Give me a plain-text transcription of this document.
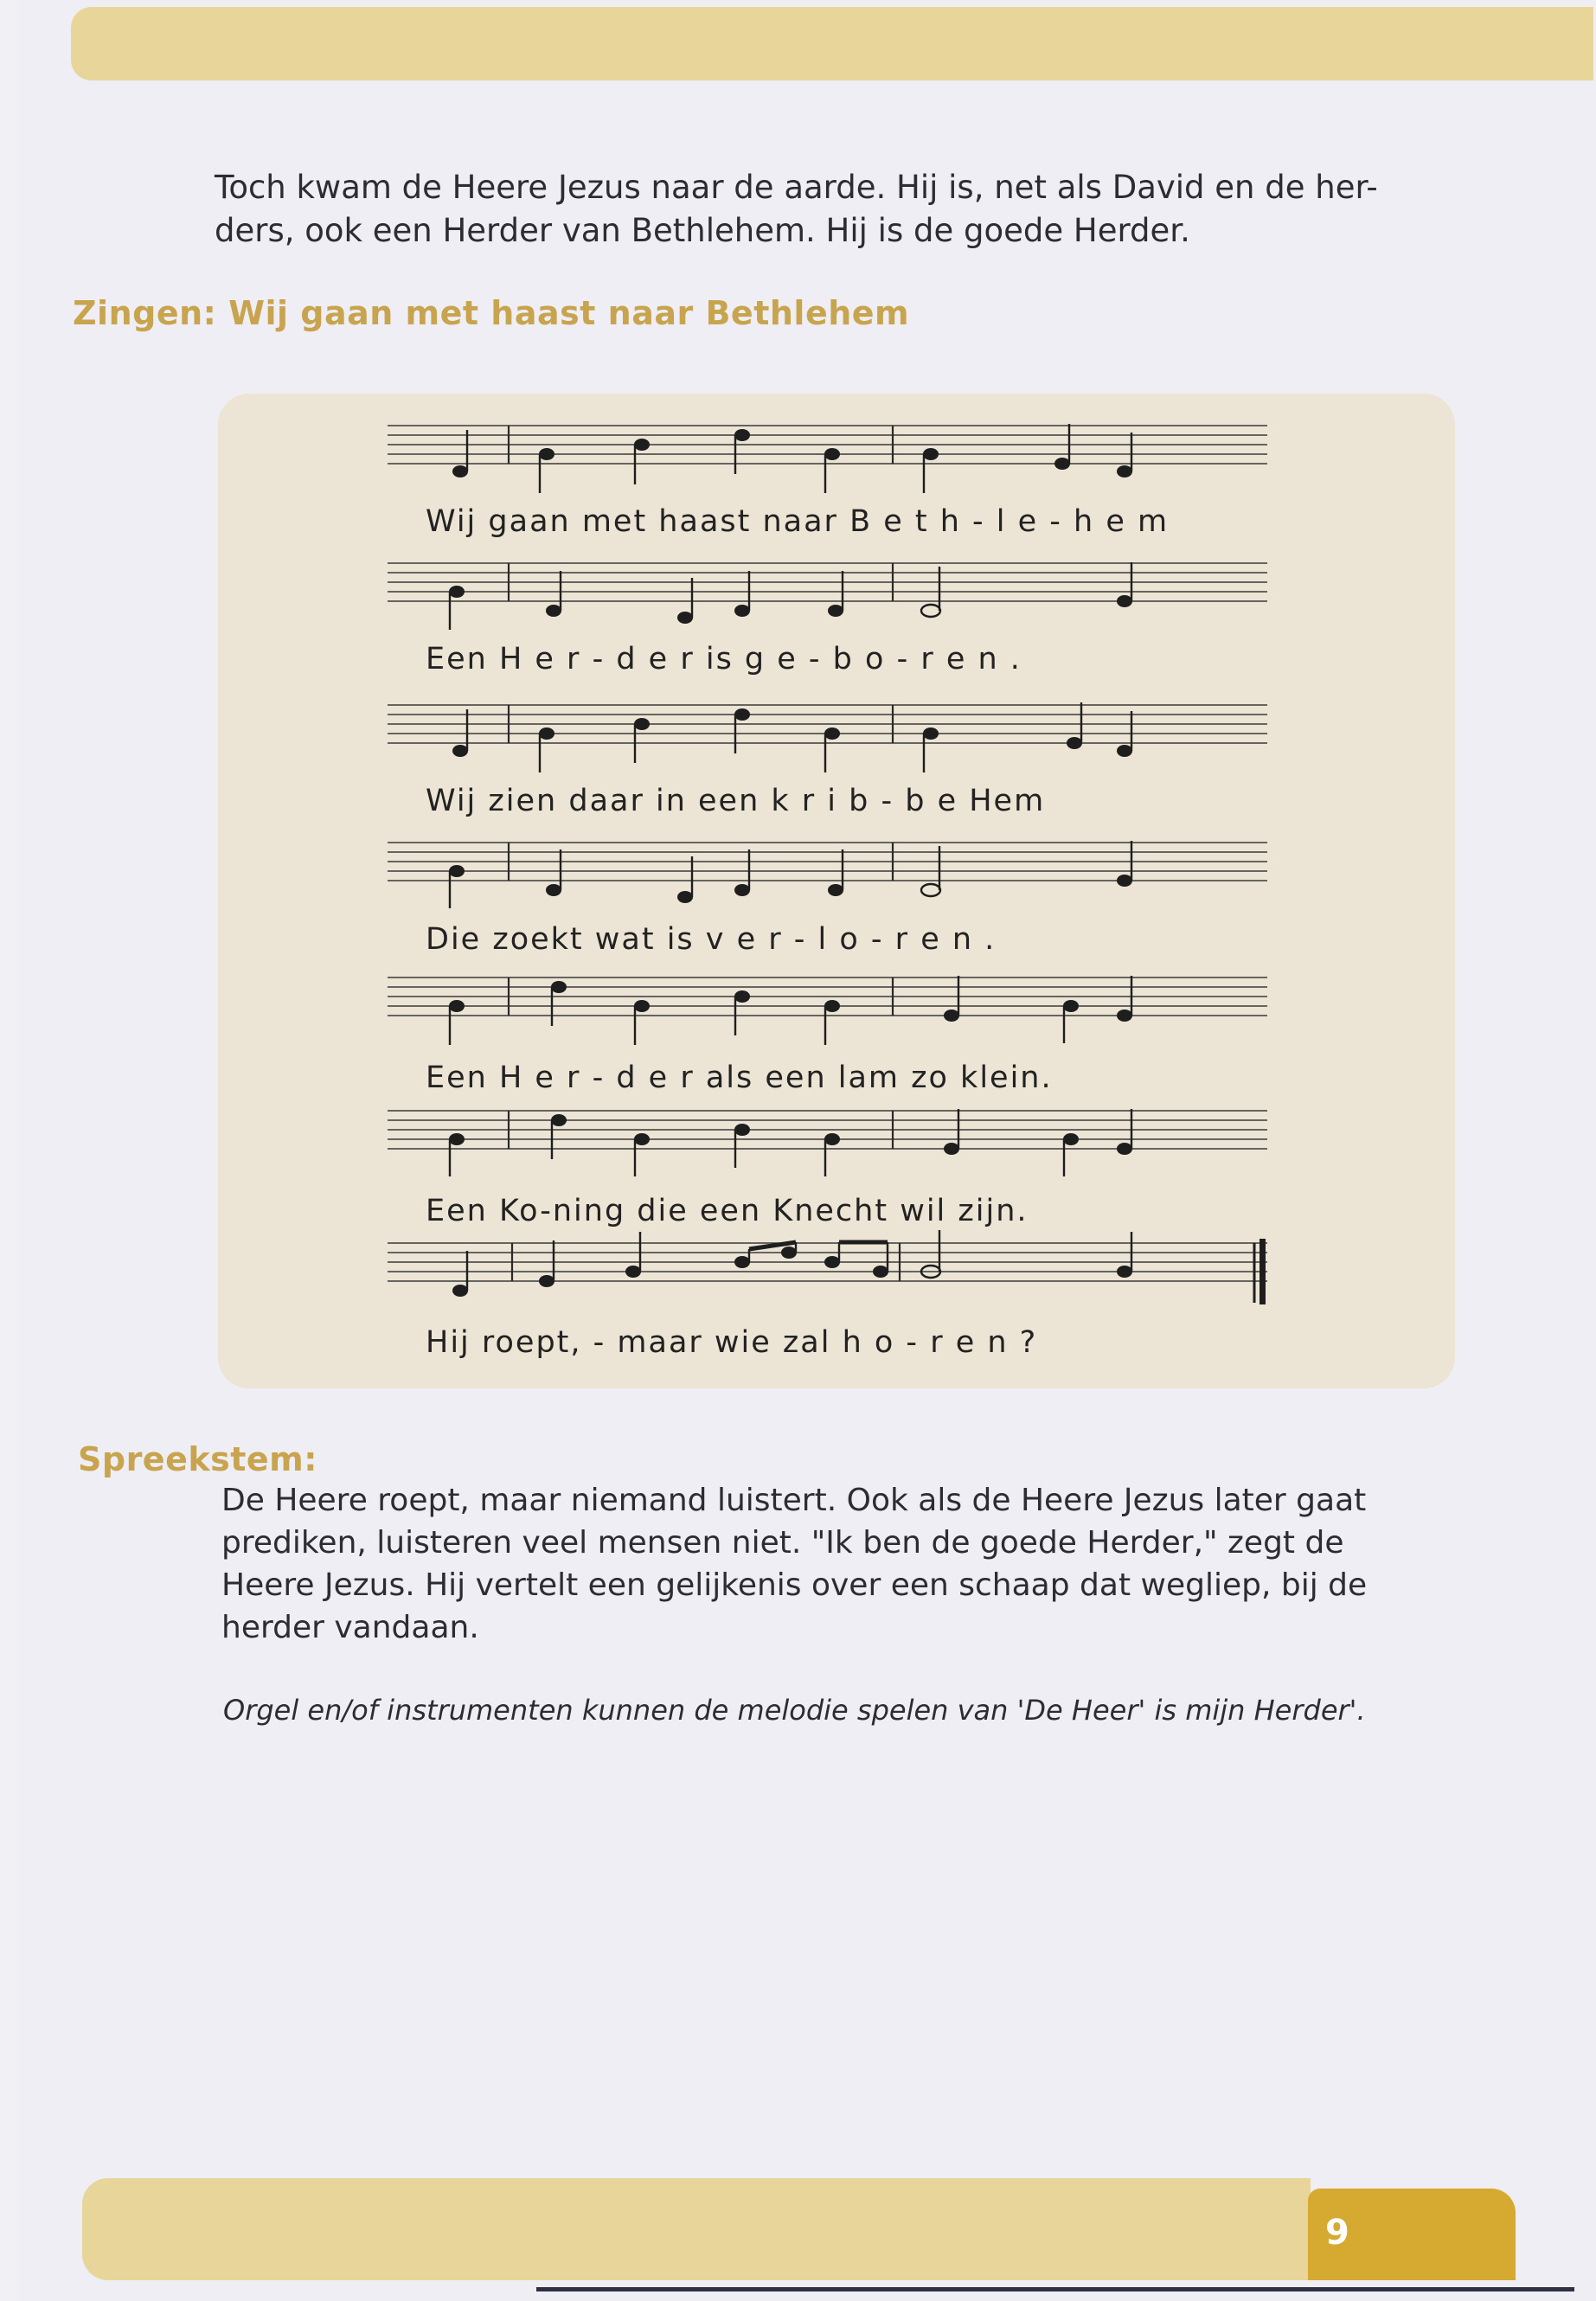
Toch kwam de Heere Jezus naar de aarde. Hij is, net als David en de her-
ders, ook een Herder van Bethlehem. Hij is de goede Herder.
Zingen: Wij gaan met haast naar Bethlehem
Wij gaan met haast naar B e t h - l e - h e m
Een H e r - d e r is g e - b o - r e n .
Wij zien daar in een k r i b - b e Hem
Die zoekt wat is v e r - l o - r e n .
Een H e r - d e r als een lam zo klein.
Een Ko-ning die een Knecht wil zijn.
Hij roept, - maar wie zal h o - r e n ?
Spreekstem:
De Heere roept, maar niemand luistert. Ook als de Heere Jezus later gaat
prediken, luisteren veel mensen niet. "Ik ben de goede Herder," zegt de
Heere Jezus. Hij vertelt een gelijkenis over een schaap dat wegliep, bij de
herder vandaan.
Orgel en/of instrumenten kunnen de melodie spelen van 'De Heer' is mijn Herder'.
9
